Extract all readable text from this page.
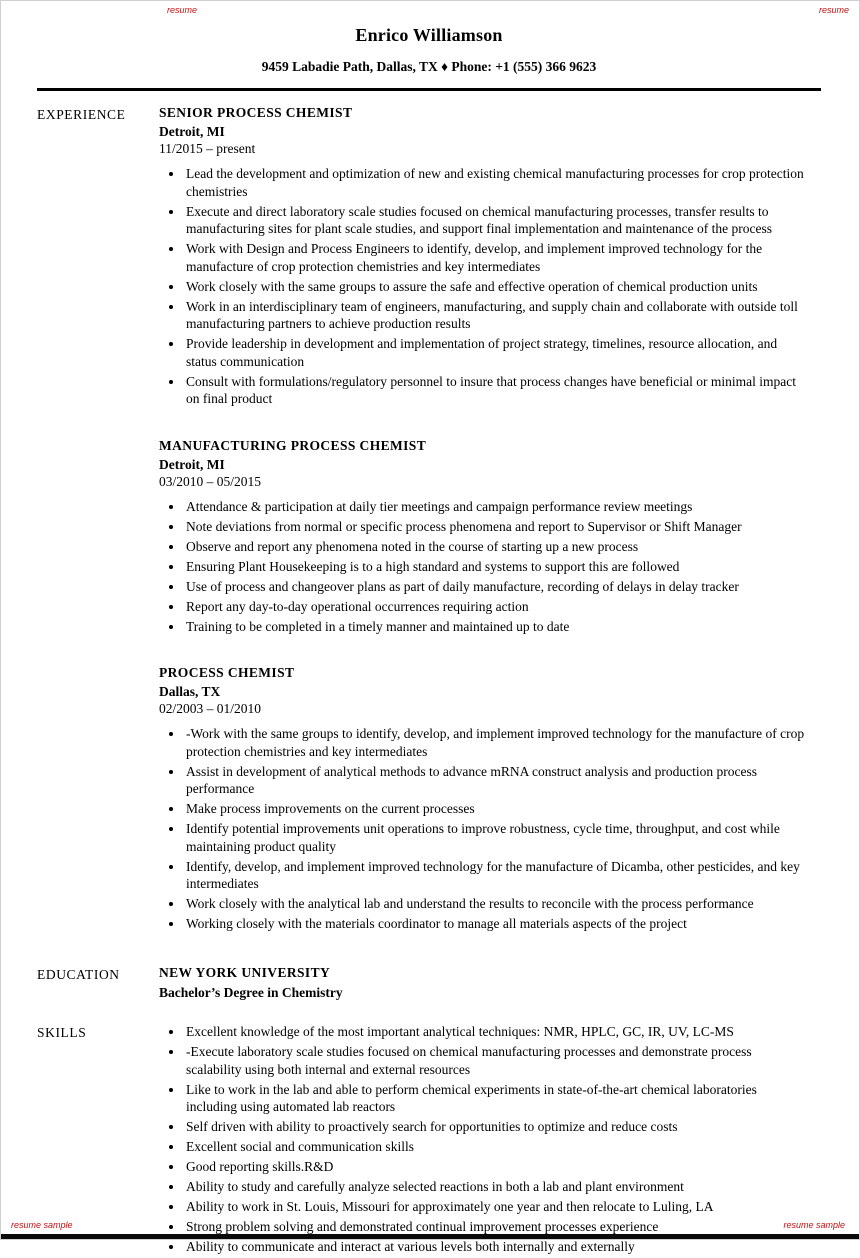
resume	resume
resume sample	resume sample
Enrico Williamson
9459 Labadie Path, Dallas, TX ♦ Phone: +1 (555) 366 9623
EXPERIENCE	SENIOR PROCESS CHEMIST
Detroit, MI
11/2015 – present
• Lead the development and optimization of new and existing chemical manufacturing processes for crop protection chemistries
• Execute and direct laboratory scale studies focused on chemical manufacturing processes, transfer results to manufacturing sites for plant scale studies, and support final implementation and maintenance of the process
• Work with Design and Process Engineers to identify, develop, and implement improved technology for the manufacture of crop protection chemistries and key intermediates
• Work closely with the same groups to assure the safe and effective operation of chemical production units
• Work in an interdisciplinary team of engineers, manufacturing, and supply chain and collaborate with outside toll manufacturing partners to achieve production results
• Provide leadership in development and implementation of project strategy, timelines, resource allocation, and status communication
• Consult with formulations/regulatory personnel to insure that process changes have beneficial or minimal impact on final product
MANUFACTURING PROCESS CHEMIST
Detroit, MI
03/2010 – 05/2015
• Attendance & participation at daily tier meetings and campaign performance review meetings
• Note deviations from normal or specific process phenomena and report to Supervisor or Shift Manager
• Observe and report any phenomena noted in the course of starting up a new process
• Ensuring Plant Housekeeping is to a high standard and systems to support this are followed
• Use of process and changeover plans as part of daily manufacture, recording of delays in delay tracker
• Report any day-to-day operational occurrences requiring action
• Training to be completed in a timely manner and maintained up to date
PROCESS CHEMIST
Dallas, TX
02/2003 – 01/2010
• -Work with the same groups to identify, develop, and implement improved technology for the manufacture of crop protection chemistries and key intermediates
• Assist in development of analytical methods to advance mRNA construct analysis and production process performance
• Make process improvements on the current processes
• Identify potential improvements unit operations to improve robustness, cycle time, throughput, and cost while maintaining product quality
• Identify, develop, and implement improved technology for the manufacture of Dicamba, other pesticides, and key intermediates
• Work closely with the analytical lab and understand the results to reconcile with the process performance
• Working closely with the materials coordinator to manage all materials aspects of the project
EDUCATION	NEW YORK UNIVERSITY
Bachelor’s Degree in Chemistry
SKILLS	• Excellent knowledge of the most important analytical techniques: NMR, HPLC, GC, IR, UV, LC-MS
• -Execute laboratory scale studies focused on chemical manufacturing processes and demonstrate process scalability using both internal and external resources
• Like to work in the lab and able to perform chemical experiments in state-of-the-art chemical laboratories including using automated lab reactors
• Self driven with ability to proactively search for opportunities to optimize and reduce costs
• Excellent social and communication skills
• Good reporting skills.R&D
• Ability to study and carefully analyze selected reactions in both a lab and plant environment
• Ability to work in St. Louis, Missouri for approximately one year and then relocate to Luling, LA
• Strong problem solving and demonstrated continual improvement processes experience
• Ability to communicate and interact at various levels both internally and externally
